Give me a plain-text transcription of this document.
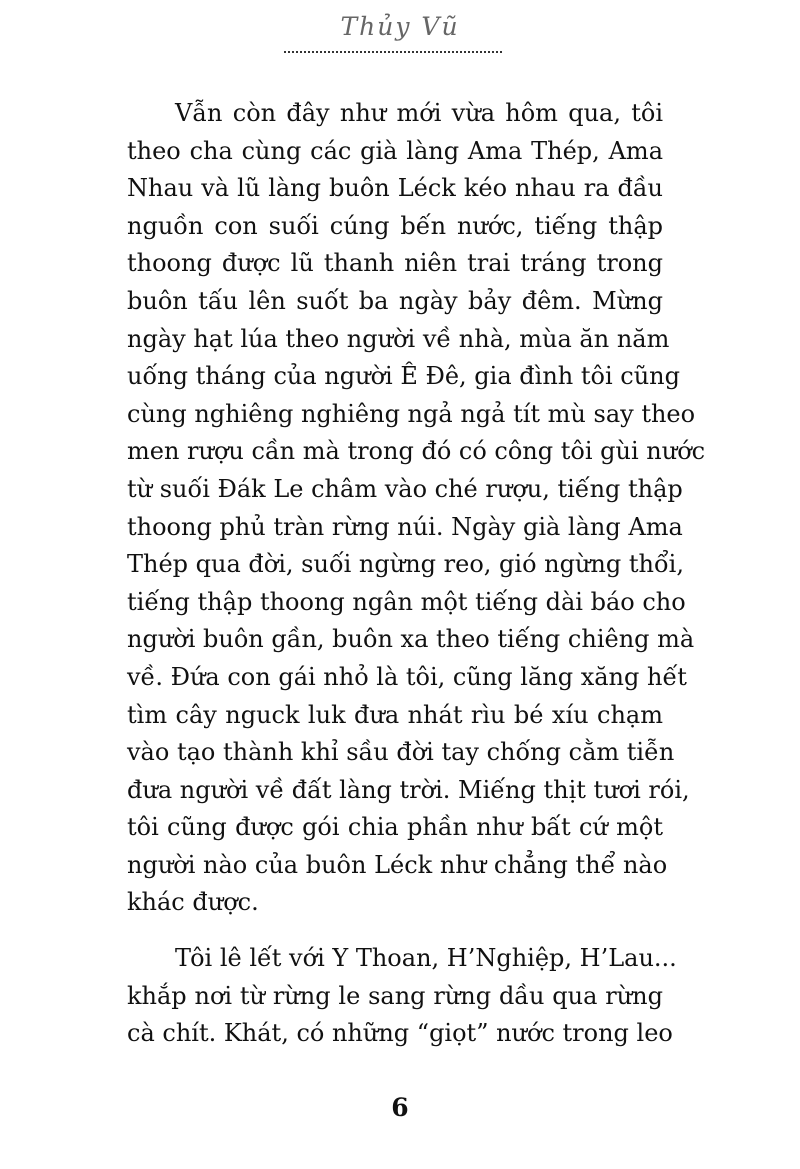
Thủy Vũ
Vẫn còn đây như mới vừa hôm qua, tôi
theo cha cùng các già làng Ama Thép, Ama
Nhau và lũ làng buôn Léck kéo nhau ra đầu
nguồn con suối cúng bến nước, tiếng thập
thoong được lũ thanh niên trai tráng trong
buôn tấu lên suốt ba ngày bảy đêm. Mừng
ngày hạt lúa theo người về nhà, mùa ăn năm
uống tháng của người Ê Đê, gia đình tôi cũng
cùng nghiêng nghiêng ngả ngả tít mù say theo
men rượu cần mà trong đó có công tôi gùi nước
từ suối Đák Le châm vào ché rượu, tiếng thập
thoong phủ tràn rừng núi. Ngày già làng Ama
Thép qua đời, suối ngừng reo, gió ngừng thổi,
tiếng thập thoong ngân một tiếng dài báo cho
người buôn gần, buôn xa theo tiếng chiêng mà
về. Đứa con gái nhỏ là tôi, cũng lăng xăng hết
tìm cây nguck luk đưa nhát rìu bé xíu chạm
vào tạo thành khỉ sầu đời tay chống cằm tiễn
đưa người về đất làng trời. Miếng thịt tươi rói,
tôi cũng được gói chia phần như bất cứ một
người nào của buôn Léck như chẳng thể nào
khác được.
Tôi lê lết với Y Thoan, H’Nghiệp, H’Lau...
khắp nơi từ rừng le sang rừng dầu qua rừng
cà chít. Khát, có những “giọt” nước trong leo
6
